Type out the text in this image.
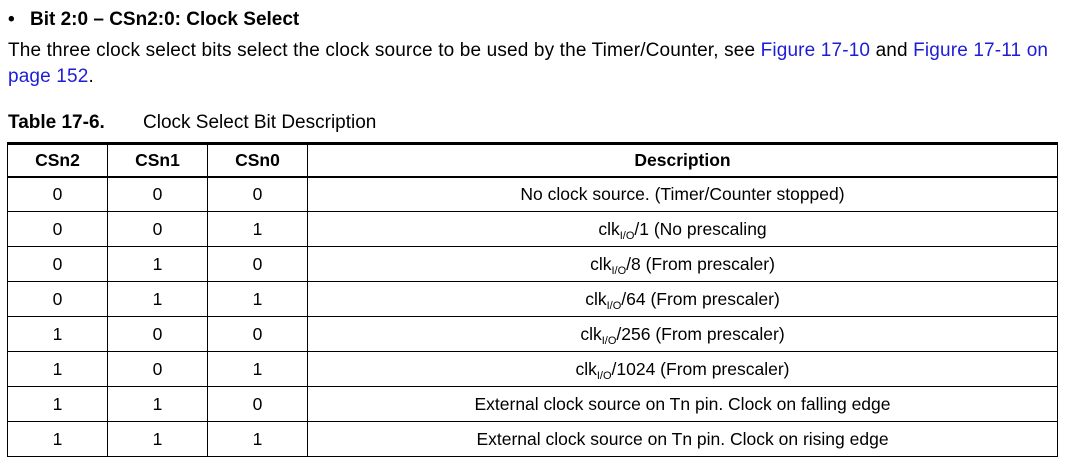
• Bit 2:0 – CSn2:0: Clock Select
The three clock select bits select the clock source to be used by the Timer/Counter, see Figure 17-10 and Figure 17-11 on page 152.
Table 17-6. Clock Select Bit Description
CSn2	CSn1	CSn0	Description
0	0	0	No clock source. (Timer/Counter stopped)
0	0	1	clk$_{I/O}$/1 (No prescaling
0	1	0	clk$_{I/O}$/8 (From prescaler)
0	1	1	clk$_{I/O}$/64 (From prescaler)
1	0	0	clk$_{I/O}$/256 (From prescaler)
1	0	1	clk$_{I/O}$/1024 (From prescaler)
1	1	0	External clock source on Tn pin. Clock on falling edge
1	1	1	External clock source on Tn pin. Clock on rising edge
